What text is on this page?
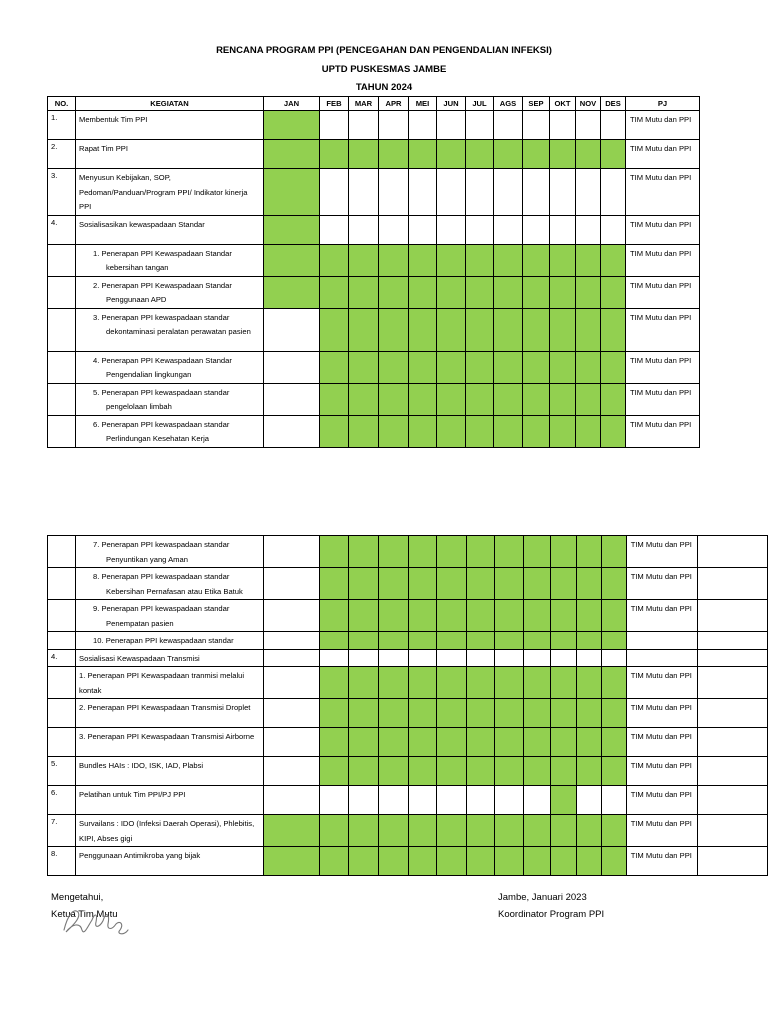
RENCANA PROGRAM PPI (PENCEGAHAN DAN PENGENDALIAN INFEKSI)
UPTD PUSKESMAS JAMBE
TAHUN 2024
NO.	KEGIATAN	JAN	FEB	MAR	APR	MEI	JUN	JUL	AGS	SEP	OKT	NOV	DES	PJ
1.	Membentuk Tim PPI													TIM Mutu dan PPI
2.	Rapat Tim PPI													TIM Mutu dan PPI
3.	Menyusun Kebijakan, SOP, Pedoman/Panduan/Program PPI/ Indikator kinerja PPI													TIM Mutu dan PPI
4.	Sosialisasikan kewaspadaan Standar													TIM Mutu dan PPI
	1. Penerapan PPI Kewaspadaan Standar kebersihan tangan													TIM Mutu dan PPI
	2. Penerapan PPI Kewaspadaan Standar Penggunaan APD													TIM Mutu dan PPI
	3. Penerapan PPI kewaspadaan standar dekontaminasi peralatan perawatan pasien													TIM Mutu dan PPI
	4. Penerapan PPI Kewaspadaan Standar Pengendalian lingkungan													TIM Mutu dan PPI
	5. Penerapan PPI kewaspadaan standar pengelolaan limbah													TIM Mutu dan PPI
	6. Penerapan PPI kewaspadaan standar Perlindungan Kesehatan Kerja													TIM Mutu dan PPI
	7. Penerapan PPI kewaspadaan standar Penyuntikan yang Aman													TIM Mutu dan PPI	
	8. Penerapan PPI kewaspadaan standar Kebersihan Pernafasan atau Etika Batuk													TIM Mutu dan PPI	
	9. Penerapan PPI kewaspadaan standar Penempatan pasien													TIM Mutu dan PPI	
	10. Penerapan PPI kewaspadaan standar														
4.	Sosialisasi Kewaspadaan Transmisi														
	1. Penerapan PPI Kewaspadaan tranmisi melalui kontak													TIM Mutu dan PPI	
	2. Penerapan PPI Kewaspadaan Transmisi Droplet													TIM Mutu dan PPI	
	3. Penerapan PPI Kewaspadaan Transmisi Airborne													TIM Mutu dan PPI	
5.	Bundles HAIs : IDO, ISK, IAD, Plabsi													TIM Mutu dan PPI	
6.	Pelatihan untuk Tim PPI/PJ PPI													TIM Mutu dan PPI	
7.	Survailans : IDO (Infeksi Daerah Operasi), Phlebitis, KIPI, Abses gigi													TIM Mutu dan PPI	
8.	Penggunaan Antimikroba yang bijak													TIM Mutu dan PPI	
Mengetahui,
Ketua Tim Mutu
Jambe, Januari 2023
Koordinator Program PPI
